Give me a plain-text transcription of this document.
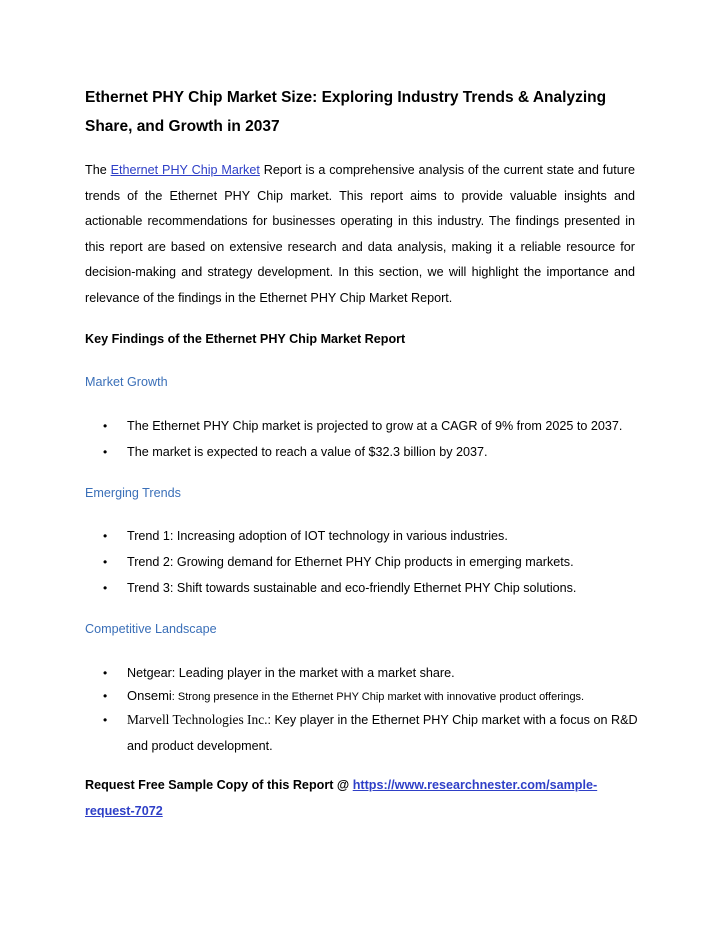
Ethernet PHY Chip Market Size: Exploring Industry Trends & Analyzing Share, and Growth in 2037
The Ethernet PHY Chip Market Report is a comprehensive analysis of the current state and future trends of the Ethernet PHY Chip market. This report aims to provide valuable insights and actionable recommendations for businesses operating in this industry. The findings presented in this report are based on extensive research and data analysis, making it a reliable resource for decision-making and strategy development. In this section, we will highlight the importance and relevance of the findings in the Ethernet PHY Chip Market Report.
Key Findings of the Ethernet PHY Chip Market Report
Market Growth
• The Ethernet PHY Chip market is projected to grow at a CAGR of 9% from 2025 to 2037.
• The market is expected to reach a value of $32.3 billion by 2037.
Emerging Trends
• Trend 1: Increasing adoption of IOT technology in various industries.
• Trend 2: Growing demand for Ethernet PHY Chip products in emerging markets.
• Trend 3: Shift towards sustainable and eco-friendly Ethernet PHY Chip solutions.
Competitive Landscape
• Netgear: Leading player in the market with a market share.
• Onsemi: Strong presence in the Ethernet PHY Chip market with innovative product offerings.
• Marvell Technologies Inc.: Key player in the Ethernet PHY Chip market with a focus on R&D and product development.
Request Free Sample Copy of this Report @ https://www.researchnester.com/sample-request-7072
